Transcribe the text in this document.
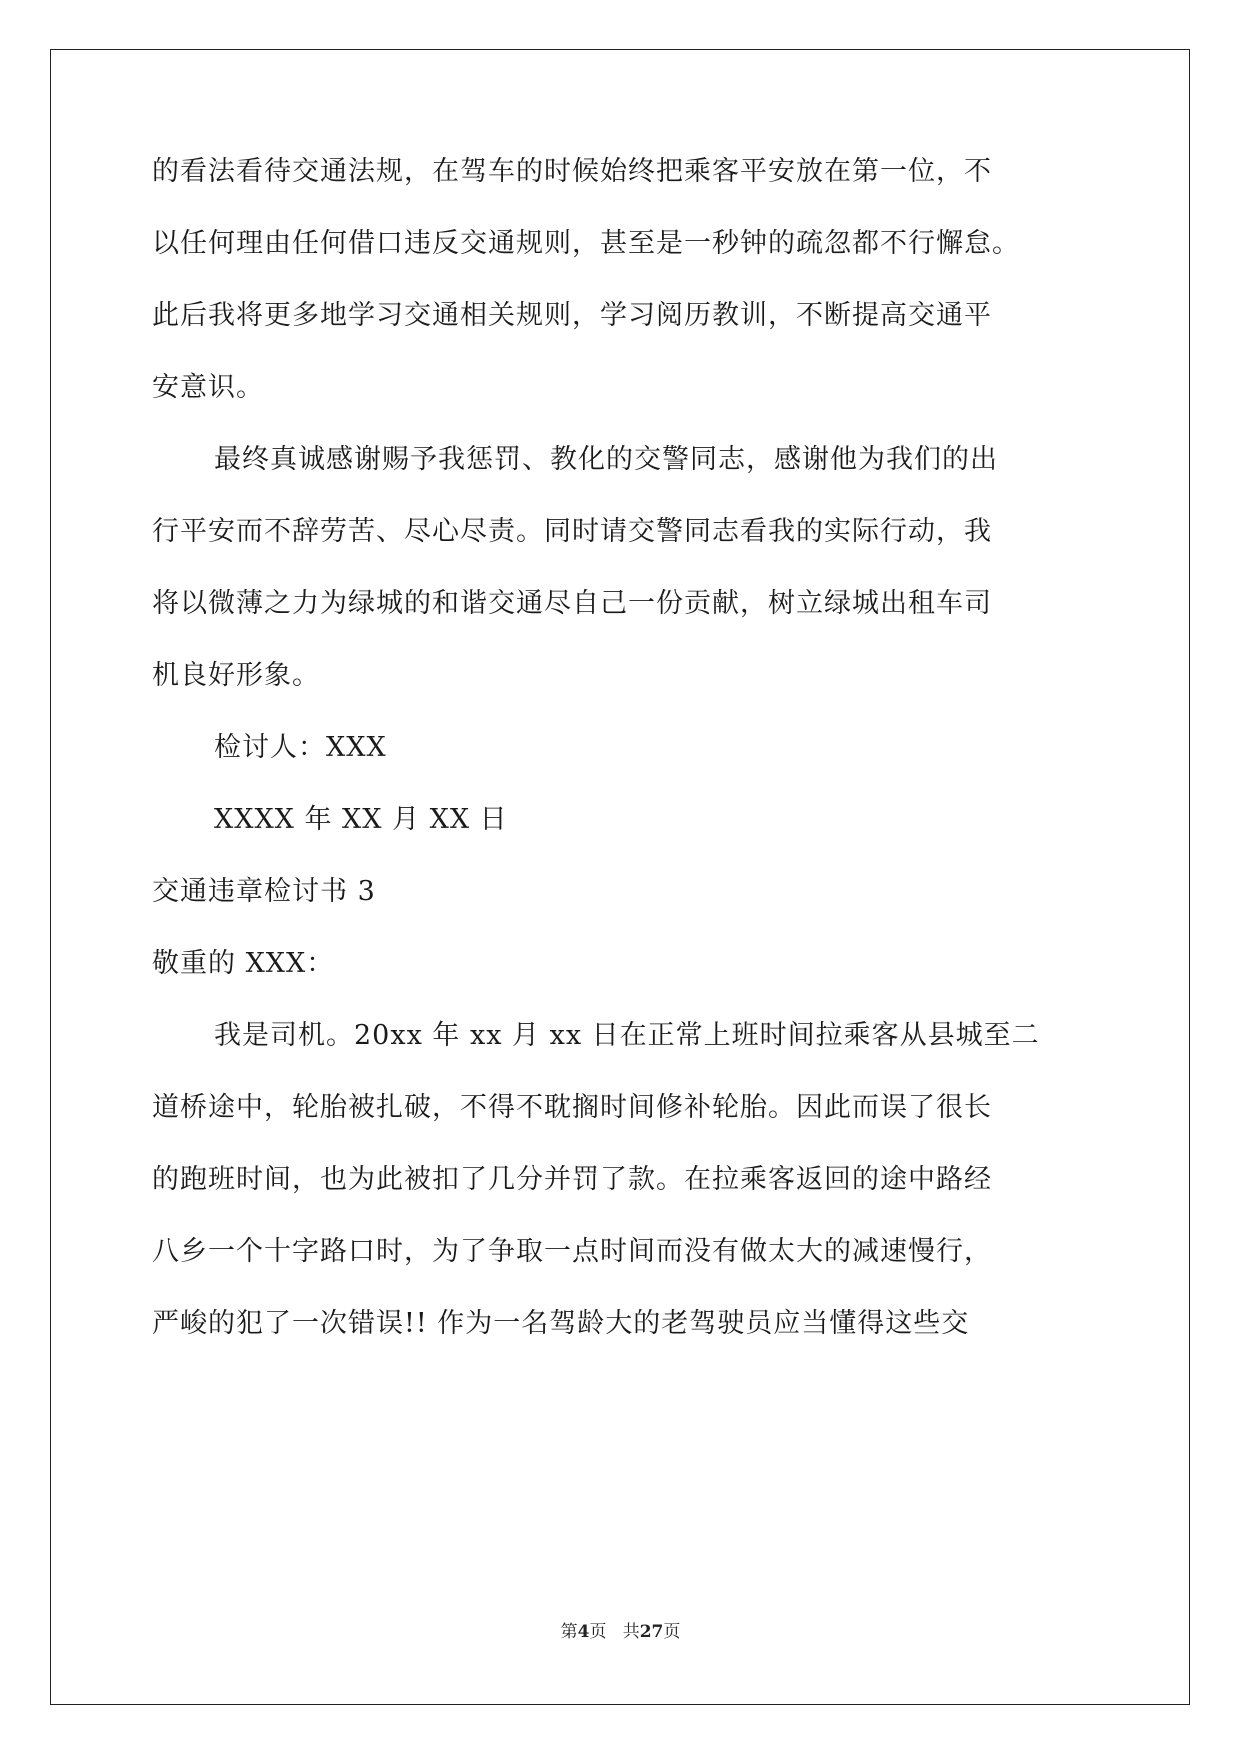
的看法看待交通法规，在驾车的时候始终把乘客平安放在第一位，不
以任何理由任何借口违反交通规则，甚至是一秒钟的疏忽都不行懈怠。
此后我将更多地学习交通相关规则，学习阅历教训，不断提高交通平
安意识。
最终真诚感谢赐予我惩罚、教化的交警同志，感谢他为我们的出
行平安而不辞劳苦、尽心尽责。同时请交警同志看我的实际行动，我
将以微薄之力为绿城的和谐交通尽自己一份贡献，树立绿城出租车司
机良好形象。
检讨人：XXX
XXXX 年 XX 月 XX 日
交通违章检讨书 3
敬重的 XXX：
我是司机。20xx 年 xx 月 xx 日在正常上班时间拉乘客从县城至二
道桥途中，轮胎被扎破，不得不耽搁时间修补轮胎。因此而误了很长
的跑班时间，也为此被扣了几分并罚了款。在拉乘客返回的途中路经
八乡一个十字路口时，为了争取一点时间而没有做太大的减速慢行，
严峻的犯了一次错误!! 作为一名驾龄大的老驾驶员应当懂得这些交
第4页 共27页
